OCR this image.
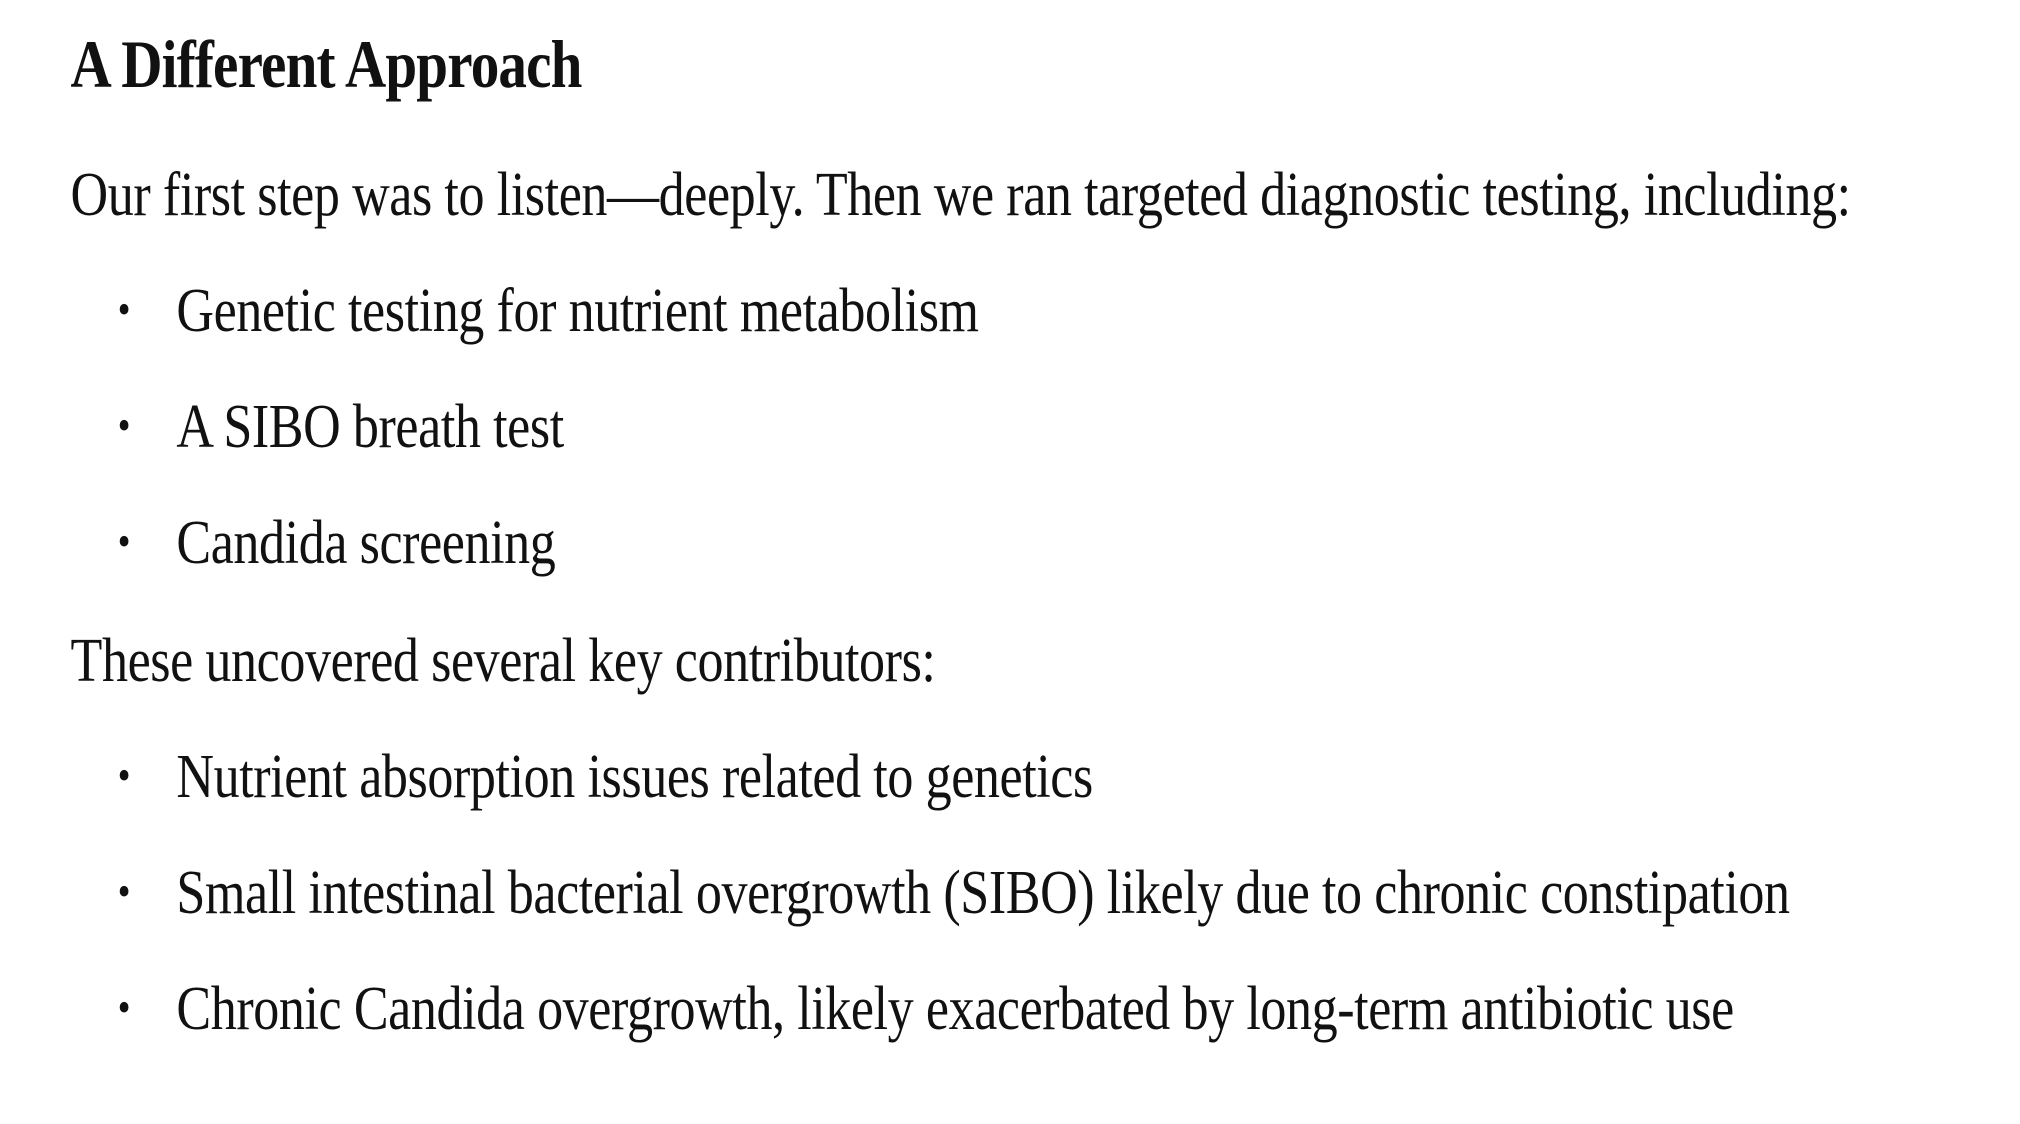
A Different Approach

Our first step was to listen—deeply. Then we ran targeted diagnostic testing, including:

• Genetic testing for nutrient metabolism
• A SIBO breath test
• Candida screening

These uncovered several key contributors:

• Nutrient absorption issues related to genetics
• Small intestinal bacterial overgrowth (SIBO) likely due to chronic constipation
• Chronic Candida overgrowth, likely exacerbated by long-term antibiotic use
